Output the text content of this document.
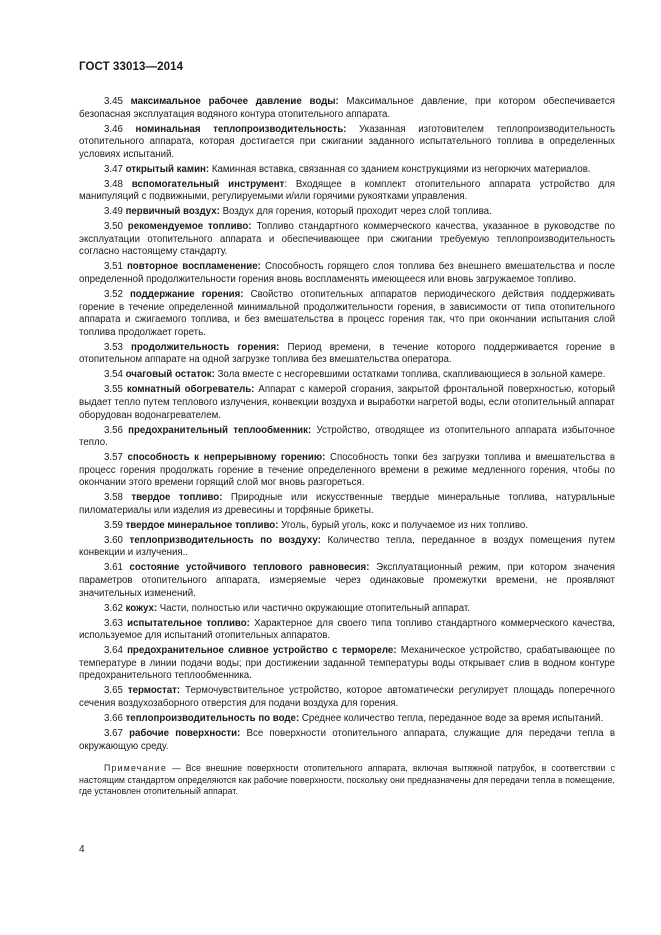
ГОСТ 33013—2014

3.45 максимальное рабочее давление воды: Максимальное давление, при котором обеспечивается безопасная эксплуатация водяного контура отопительного аппарата.

3.46 номинальная теплопроизводительность: Указанная изготовителем теплопроизводительность отопительного аппарата, которая достигается при сжигании заданного испытательного топлива в определенных условиях испытаний.

3.47 открытый камин: Каминная вставка, связанная со зданием конструкциями из негорючих материалов.

3.48 вспомогательный инструмент: Входящее в комплект отопительного аппарата устройство для манипуляций с подвижными, регулируемыми и/или горячими рукоятками управления.

3.49 первичный воздух: Воздух для горения, который проходит через слой топлива.

3.50 рекомендуемое топливо: Топливо стандартного коммерческого качества, указанное в руководстве по эксплуатации отопительного аппарата и обеспечивающее при сжигании требуемую теплопроизводительность согласно настоящему стандарту.

3.51 повторное воспламенение: Способность горящего слоя топлива без внешнего вмешательства и после определенной продолжительности горения вновь воспламенять имеющееся или вновь загружаемое топливо.

3.52 поддержание горения: Свойство отопительных аппаратов периодического действия поддерживать горение в течение определенной минимальной продолжительности горения, в зависимости от типа отопительного аппарата и сжигаемого топлива, и без вмешательства в процесс горения так, что при окончании испытания слой топлива продолжает гореть.

3.53 продолжительность горения: Период времени, в течение которого поддерживается горение в отопительном аппарате на одной загрузке топлива без вмешательства оператора.

3.54 очаговый остаток: Зола вместе с несгоревшими остатками топлива, скапливающиеся в зольной камере.

3.55 комнатный обогреватель: Аппарат с камерой сгорания, закрытой фронтальной поверхностью, который выдает тепло путем теплового излучения, конвекции воздуха и выработки нагретой воды, если отопительный аппарат оборудован водонагревателем.

3.56 предохранительный теплообменник: Устройство, отводящее из отопительного аппарата избыточное тепло.

3.57 способность к непрерывному горению: Способность топки без загрузки топлива и вмешательства в процесс горения продолжать горение в течение определенного времени в режиме медленного горения, чтобы по окончании этого времени горящий слой мог вновь разгореться.

3.58 твердое топливо: Природные или искусственные твердые минеральные топлива, натуральные пиломатериалы или изделия из древесины и торфяные брикеты.

3.59 твердое минеральное топливо: Уголь, бурый уголь, кокс и получаемое из них топливо.

3.60 теплопризводительность по воздуху: Количество тепла, переданное в воздух помещения путем конвекции и излучения..

3.61 состояние устойчивого теплового равновесия: Эксплуатационный режим, при котором значения параметров отопительного аппарата, измеряемые через одинаковые промежутки времени, не проявляют значительных изменений.

3.62 кожух: Части, полностью или частично окружающие отопительный аппарат.

3.63 испытательное топливо: Характерное для своего типа топливо стандартного коммерческого качества, используемое для испытаний отопительных аппаратов.

3.64 предохранительное сливное устройство с термореле: Механическое устройство, срабатывающее по температуре в линии подачи воды; при достижении заданной температуры воды открывает слив в водном контуре предохранительного теплообменника.

3.65 термостат: Термочувствительное устройство, которое автоматически регулирует площадь поперечного сечения воздухозаборного отверстия для подачи воздуха для горения.

3.66 теплопроизводительность по воде: Среднее количество тепла, переданное воде за время испытаний.

3.67 рабочие поверхности: Все поверхности отопительного аппарата, служащие для передачи тепла в окружающую среду.

Примечание — Все внешние поверхности отопительного аппарата, включая вытяжной патрубок, в соответствии с настоящим стандартом определяются как рабочие поверхности, поскольку они предназначены для передачи тепла в помещение, где установлен отопительный аппарат.

4
